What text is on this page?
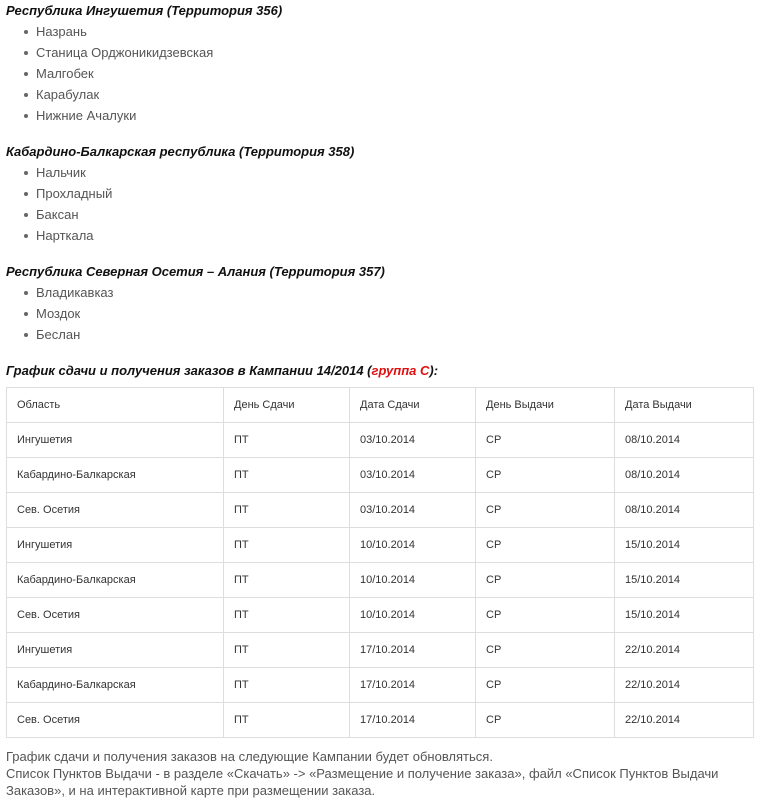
Республика Ингушетия (Территория 356)

Назрань
Станица Орджоникидзевская
Малгобек
Карабулак
Нижние Ачалуки

Кабардино-Балкарская республика (Территория 358)

Нальчик
Прохладный
Баксан
Нарткала

Республика Северная Осетия – Алания (Территория 357)

Владикавказ
Моздок
Беслан

График сдачи и получения заказов в Кампании 14/2014 (группа С):

Область	День Сдачи	Дата Сдачи	День Выдачи	Дата Выдачи
Ингушетия	ПТ	03/10.2014	СР	08/10.2014
Кабардино-Балкарская	ПТ	03/10.2014	СР	08/10.2014
Сев. Осетия	ПТ	03/10.2014	СР	08/10.2014
Ингушетия	ПТ	10/10.2014	СР	15/10.2014
Кабардино-Балкарская	ПТ	10/10.2014	СР	15/10.2014
Сев. Осетия	ПТ	10/10.2014	СР	15/10.2014
Ингушетия	ПТ	17/10.2014	СР	22/10.2014
Кабардино-Балкарская	ПТ	17/10.2014	СР	22/10.2014
Сев. Осетия	ПТ	17/10.2014	СР	22/10.2014

График сдачи и получения заказов на следующие Кампании будет обновляться.

Список Пунктов Выдачи - в разделе «Скачать» -> «Размещение и получение заказа», файл «Список Пунктов Выдачи Заказов», и на интерактивной карте при размещении заказа.
